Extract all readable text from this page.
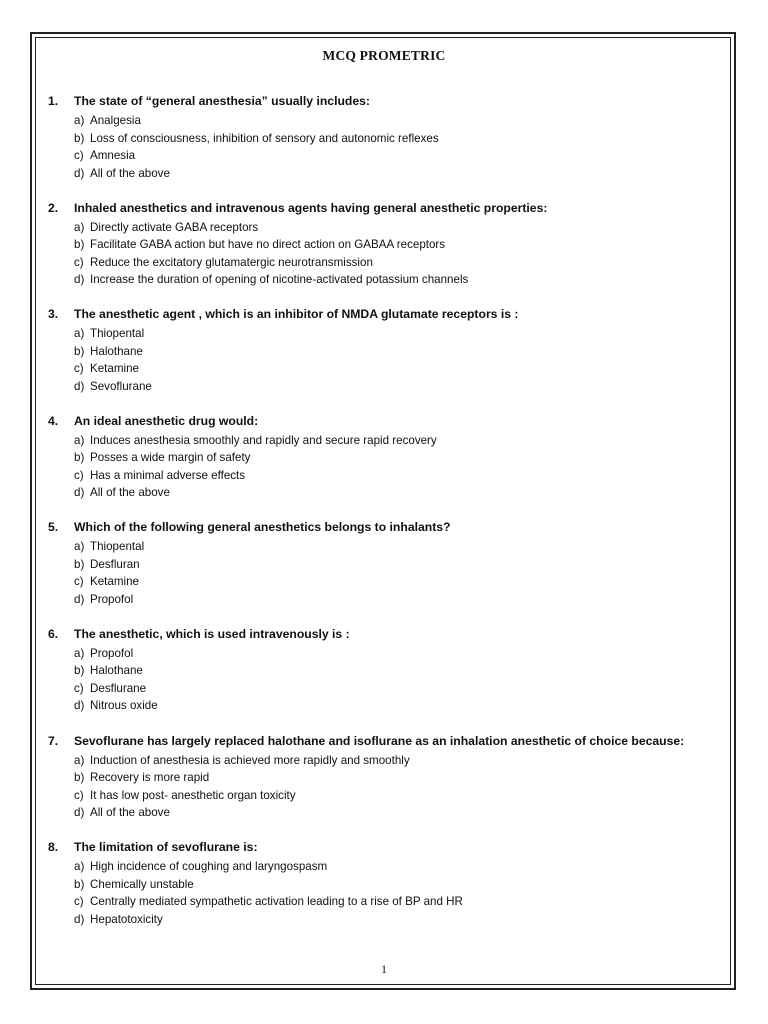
MCQ PROMETRIC
1.	The state of “general anesthesia” usually includes:
a) Analgesia
b) Loss of consciousness, inhibition of sensory and autonomic reflexes
c) Amnesia
d) All of the above
2.	Inhaled anesthetics and intravenous agents having general anesthetic properties:
a) Directly activate GABA receptors
b) Facilitate GABA action but have no direct action on GABAA receptors
c) Reduce the excitatory glutamatergic neurotransmission
d) Increase the duration of opening of nicotine-activated potassium channels
3.	The anesthetic agent , which is an inhibitor of NMDA glutamate receptors is :
a) Thiopental
b) Halothane
c) Ketamine
d) Sevoflurane
4.	An ideal anesthetic drug would:
a) Induces anesthesia smoothly and rapidly and secure rapid recovery
b) Posses a wide margin of safety
c) Has a minimal adverse effects
d) All of the above
5.	Which of the following general anesthetics belongs to inhalants?
a) Thiopental
b) Desfluran
c) Ketamine
d) Propofol
6.	The anesthetic, which is used intravenously is :
a) Propofol
b) Halothane
c) Desflurane
d) Nitrous oxide
7.	Sevoflurane has largely replaced halothane and isoflurane as an inhalation anesthetic of choice because:
a) Induction of anesthesia is achieved more rapidly and smoothly
b) Recovery is more rapid
c) It has low post- anesthetic organ toxicity
d) All of the above
8.	The limitation of sevoflurane is:
a) High incidence of coughing and laryngospasm
b) Chemically unstable
c) Centrally mediated sympathetic activation leading to a rise of BP and HR
d) Hepatotoxicity
1
